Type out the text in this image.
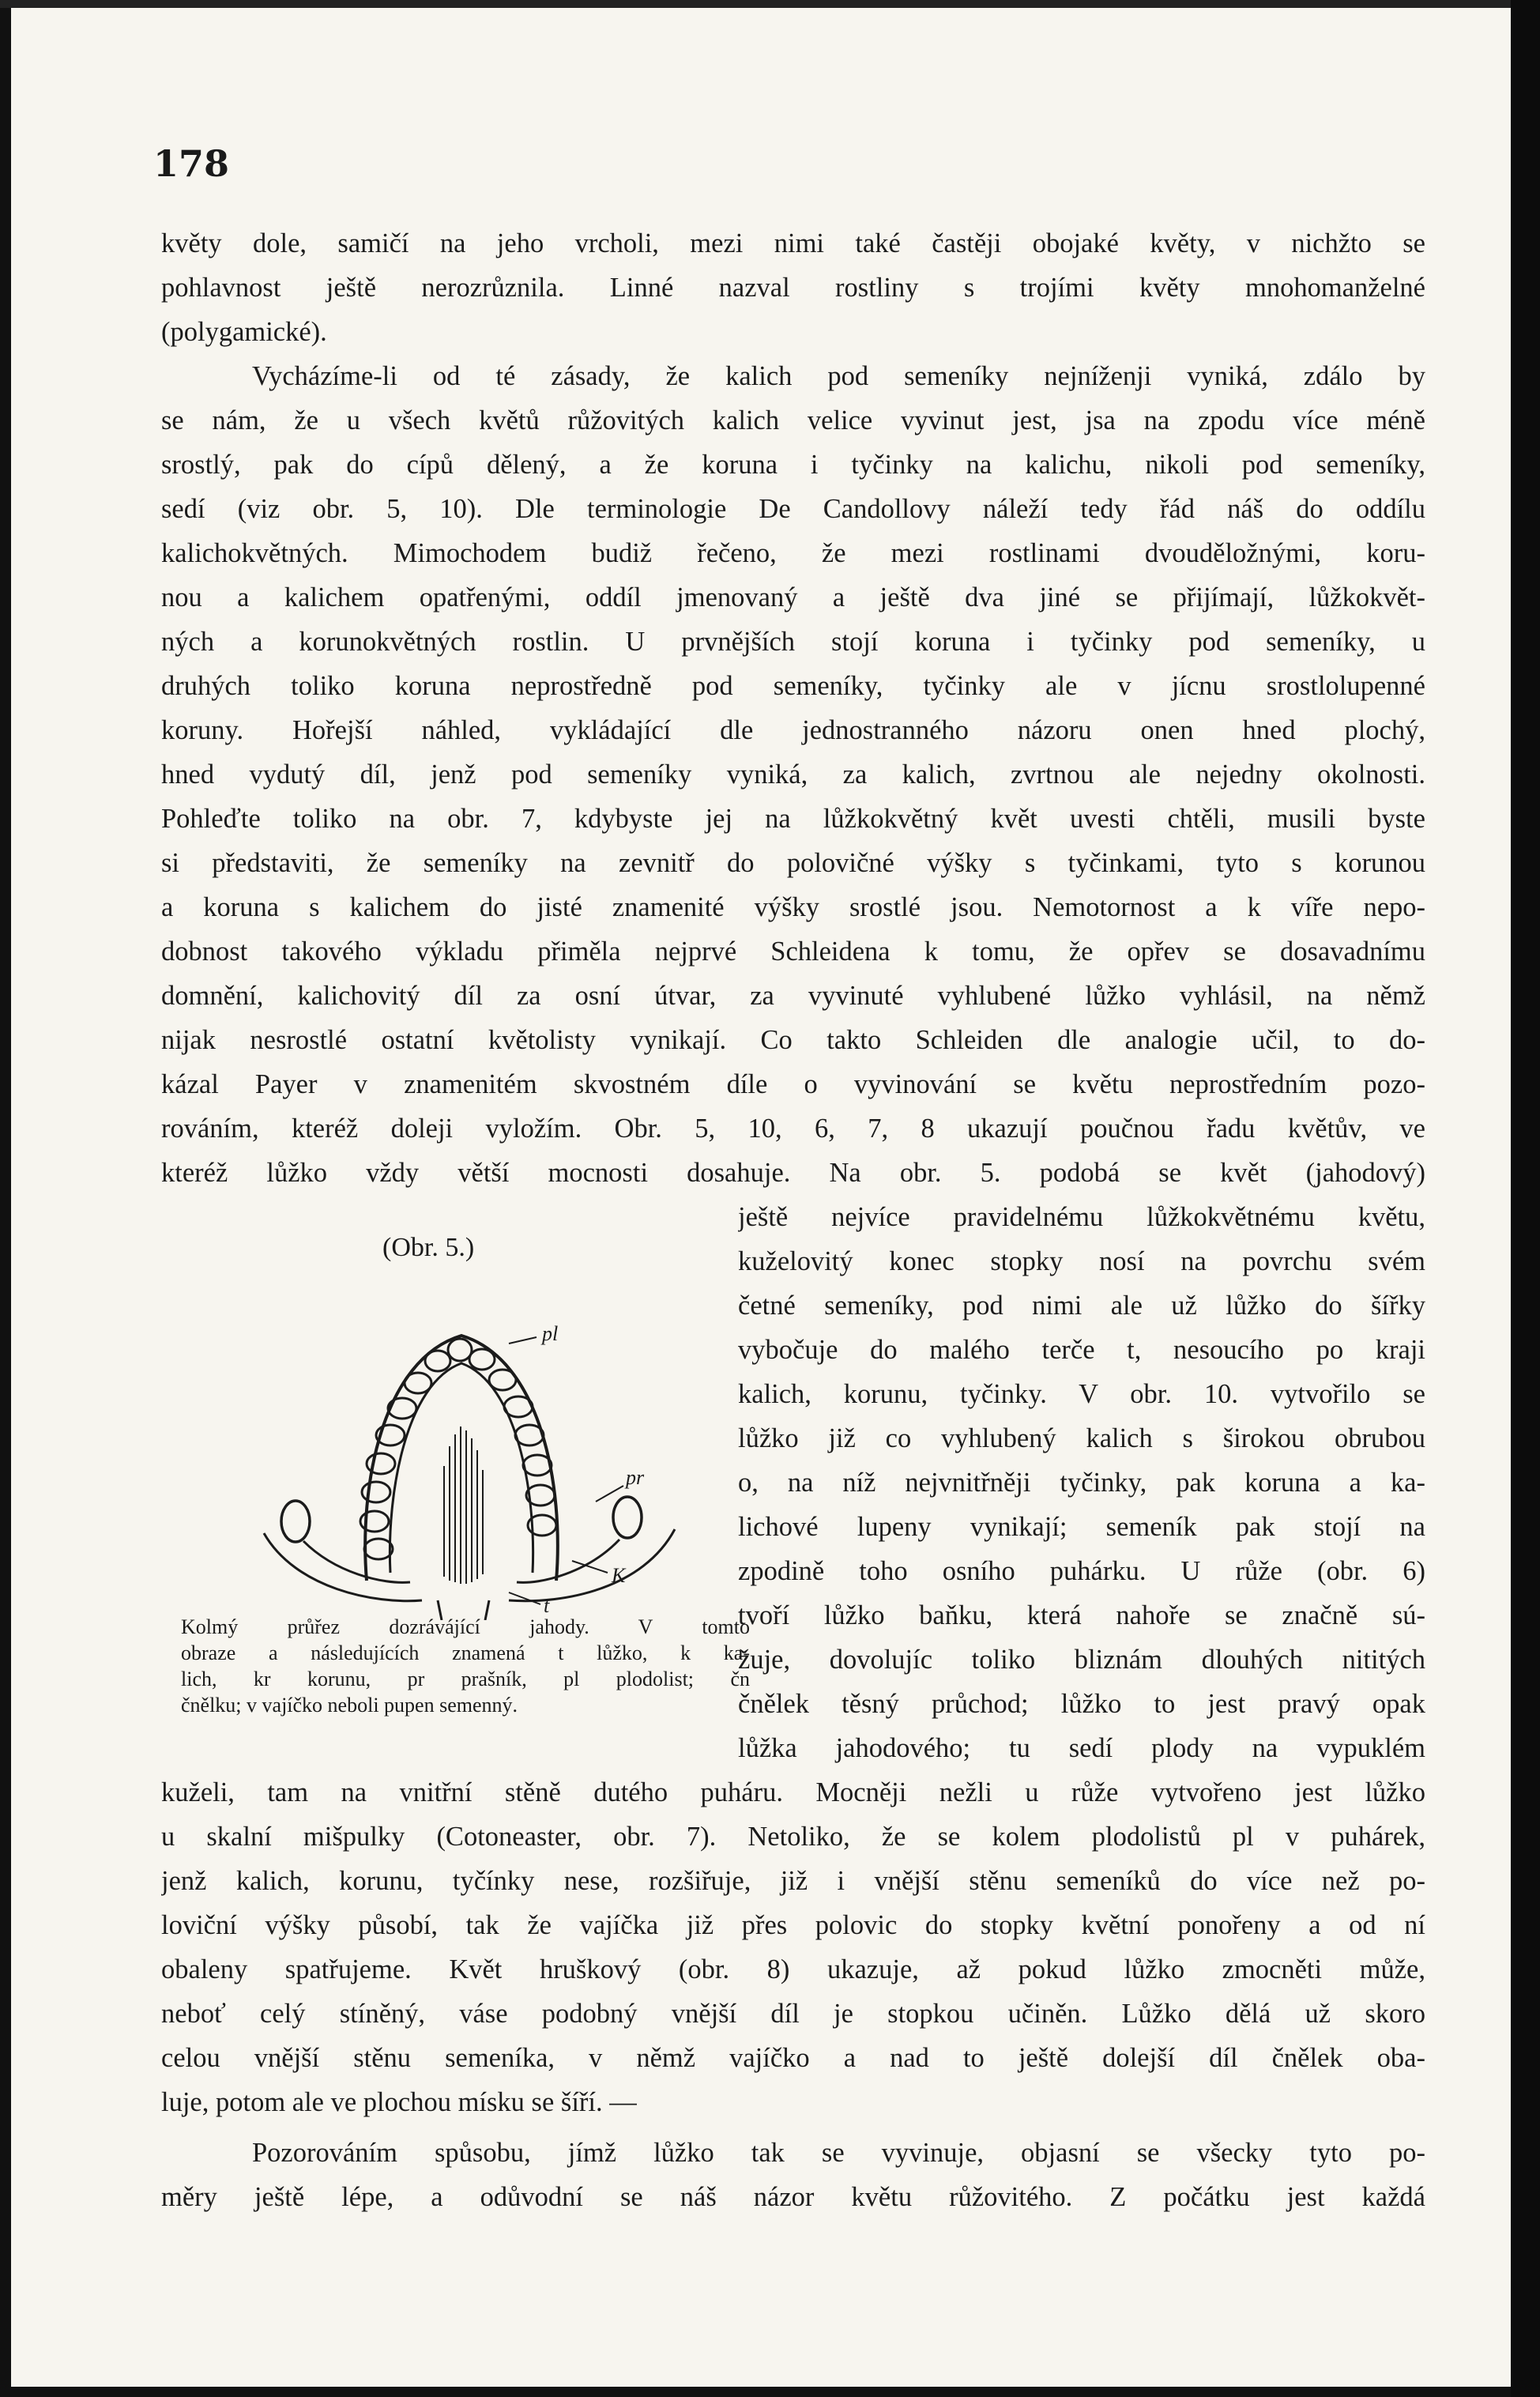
178
květy dole, samičí na jeho vrcholi, mezi nimi také častěji obojaké květy, v nichžto se
pohlavnost ještě nerozrůznila. Linné nazval rostliny s trojími květy mnohomanželné
(polygamické).
Vycházíme-li od té zásady, že kalich pod semeníky nejníženji vyniká, zdálo by
se nám, že u všech květů růžovitých kalich velice vyvinut jest, jsa na zpodu více méně
srostlý, pak do cípů dělený, a že koruna i tyčinky na kalichu, nikoli pod semeníky,
sedí (viz obr. 5, 10). Dle terminologie De Candollovy náleží tedy řád náš do oddílu
kalichokvětných. Mimochodem budiž řečeno, že mezi rostlinami dvouděložnými, koru-
nou a kalichem opatřenými, oddíl jmenovaný a ještě dva jiné se přijímají, lůžkokvět-
ných a korunokvětných rostlin. U prvnějších stojí koruna i tyčinky pod semeníky, u
druhých toliko koruna neprostředně pod semeníky, tyčinky ale v jícnu srostlolupenné
koruny. Hořejší náhled, vykládající dle jednostranného názoru onen hned plochý,
hned vydutý díl, jenž pod semeníky vyniká, za kalich, zvrtnou ale nejedny okolnosti.
Pohleďte toliko na obr. 7, kdybyste jej na lůžkokvětný květ uvesti chtěli, musili byste
si představiti, že semeníky na zevnitř do polovičné výšky s tyčinkami, tyto s korunou
a koruna s kalichem do jisté znamenité výšky srostlé jsou. Nemotornost a k víře nepo-
dobnost takového výkladu přiměla nejprvé Schleidena k tomu, že opřev se dosavadnímu
domnění, kalichovitý díl za osní útvar, za vyvinuté vyhlubené lůžko vyhlásil, na němž
nijak nesrostlé ostatní květolisty vynikají. Co takto Schleiden dle analogie učil, to do-
kázal Payer v znamenitém skvostném díle o vyvinování se květu neprostředním pozo-
rováním, kteréž doleji vyložím. Obr. 5, 10, 6, 7, 8 ukazují poučnou řadu květův, ve
kteréž lůžko vždy větší mocnosti dosahuje. Na obr. 5. podobá se květ (jahodový)
ještě nejvíce pravidelnému lůžkokvětnému květu,
kuželovitý konec stopky nosí na povrchu svém
četné semeníky, pod nimi ale už lůžko do šířky
vybočuje do malého terče t, nesoucího po kraji
kalich, korunu, tyčinky. V obr. 10. vytvořilo se
lůžko již co vyhlubený kalich s širokou obrubou
o, na níž nejvnitřněji tyčinky, pak koruna a ka-
lichové lupeny vynikají; semeník pak stojí na
zpodině toho osního puhárku. U růže (obr. 6)
tvoří lůžko baňku, která nahoře se značně sú-
žuje, dovolujíc toliko bliznám dlouhých nititých
čnělek těsný průchod; lůžko to jest pravý opak
lůžka jahodového; tu sedí plody na vypuklém
(Obr. 5.)
pl
pr
K
t
Kolmý průřez dozrávájící jahody. V tomto
obraze a následujících znamená t lůžko, k ka-
lich, kr korunu, pr prašník, pl plodolist; čn
čnělku; v vajíčko neboli pupen semenný.
kuželi, tam na vnitřní stěně dutého puháru. Mocněji nežli u růže vytvořeno jest lůžko
u skalní mišpulky (Cotoneaster, obr. 7). Netoliko, že se kolem plodolistů pl v puhárek,
jenž kalich, korunu, tyčínky nese, rozšiřuje, již i vnější stěnu semeníků do více než po-
loviční výšky působí, tak že vajíčka již přes polovic do stopky květní ponořeny a od ní
obaleny spatřujeme. Květ hruškový (obr. 8) ukazuje, až pokud lůžko zmocněti může,
neboť celý stíněný, váse podobný vnější díl je stopkou učiněn. Lůžko dělá už skoro
celou vnější stěnu semeníka, v němž vajíčko a nad to ještě dolejší díl čnělek oba-
luje, potom ale ve plochou mísku se šíří. —
Pozorováním spůsobu, jímž lůžko tak se vyvinuje, objasní se všecky tyto po-
měry ještě lépe, a odůvodní se náš názor květu růžovitého. Z počátku jest každá
